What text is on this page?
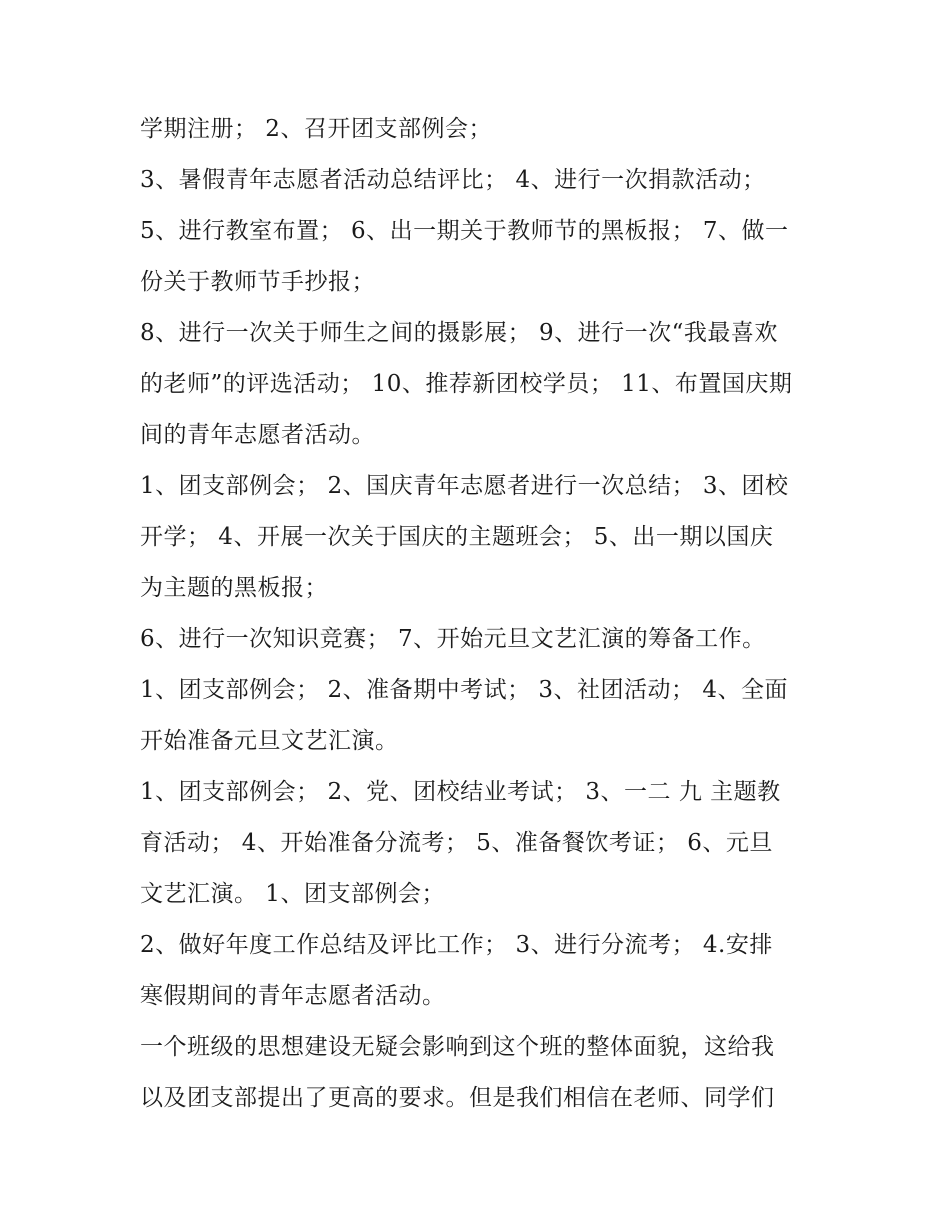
学期注册； 2、召开团支部例会；
3、暑假青年志愿者活动总结评比； 4、进行一次捐款活动；
5、进行教室布置； 6、出一期关于教师节的黑板报； 7、做一
份关于教师节手抄报；
8、进行一次关于师生之间的摄影展； 9、进行一次“我最喜欢
的老师”的评选活动； 10、推荐新团校学员； 11、布置国庆期
间的青年志愿者活动。
1、团支部例会； 2、国庆青年志愿者进行一次总结； 3、团校
开学； 4、开展一次关于国庆的主题班会； 5、出一期以国庆
为主题的黑板报；
6、进行一次知识竞赛； 7、开始元旦文艺汇演的筹备工作。
1、团支部例会； 2、准备期中考试； 3、社团活动； 4、全面
开始准备元旦文艺汇演。
1、团支部例会； 2、党、团校结业考试； 3、一二 九 主题教
育活动； 4、开始准备分流考； 5、准备餐饮考证； 6、元旦
文艺汇演。 1、团支部例会；
2、做好年度工作总结及评比工作； 3、进行分流考； 4.安排
寒假期间的青年志愿者活动。
一个班级的思想建设无疑会影响到这个班的整体面貌，这给我
以及团支部提出了更高的要求。但是我们相信在老师、同学们
